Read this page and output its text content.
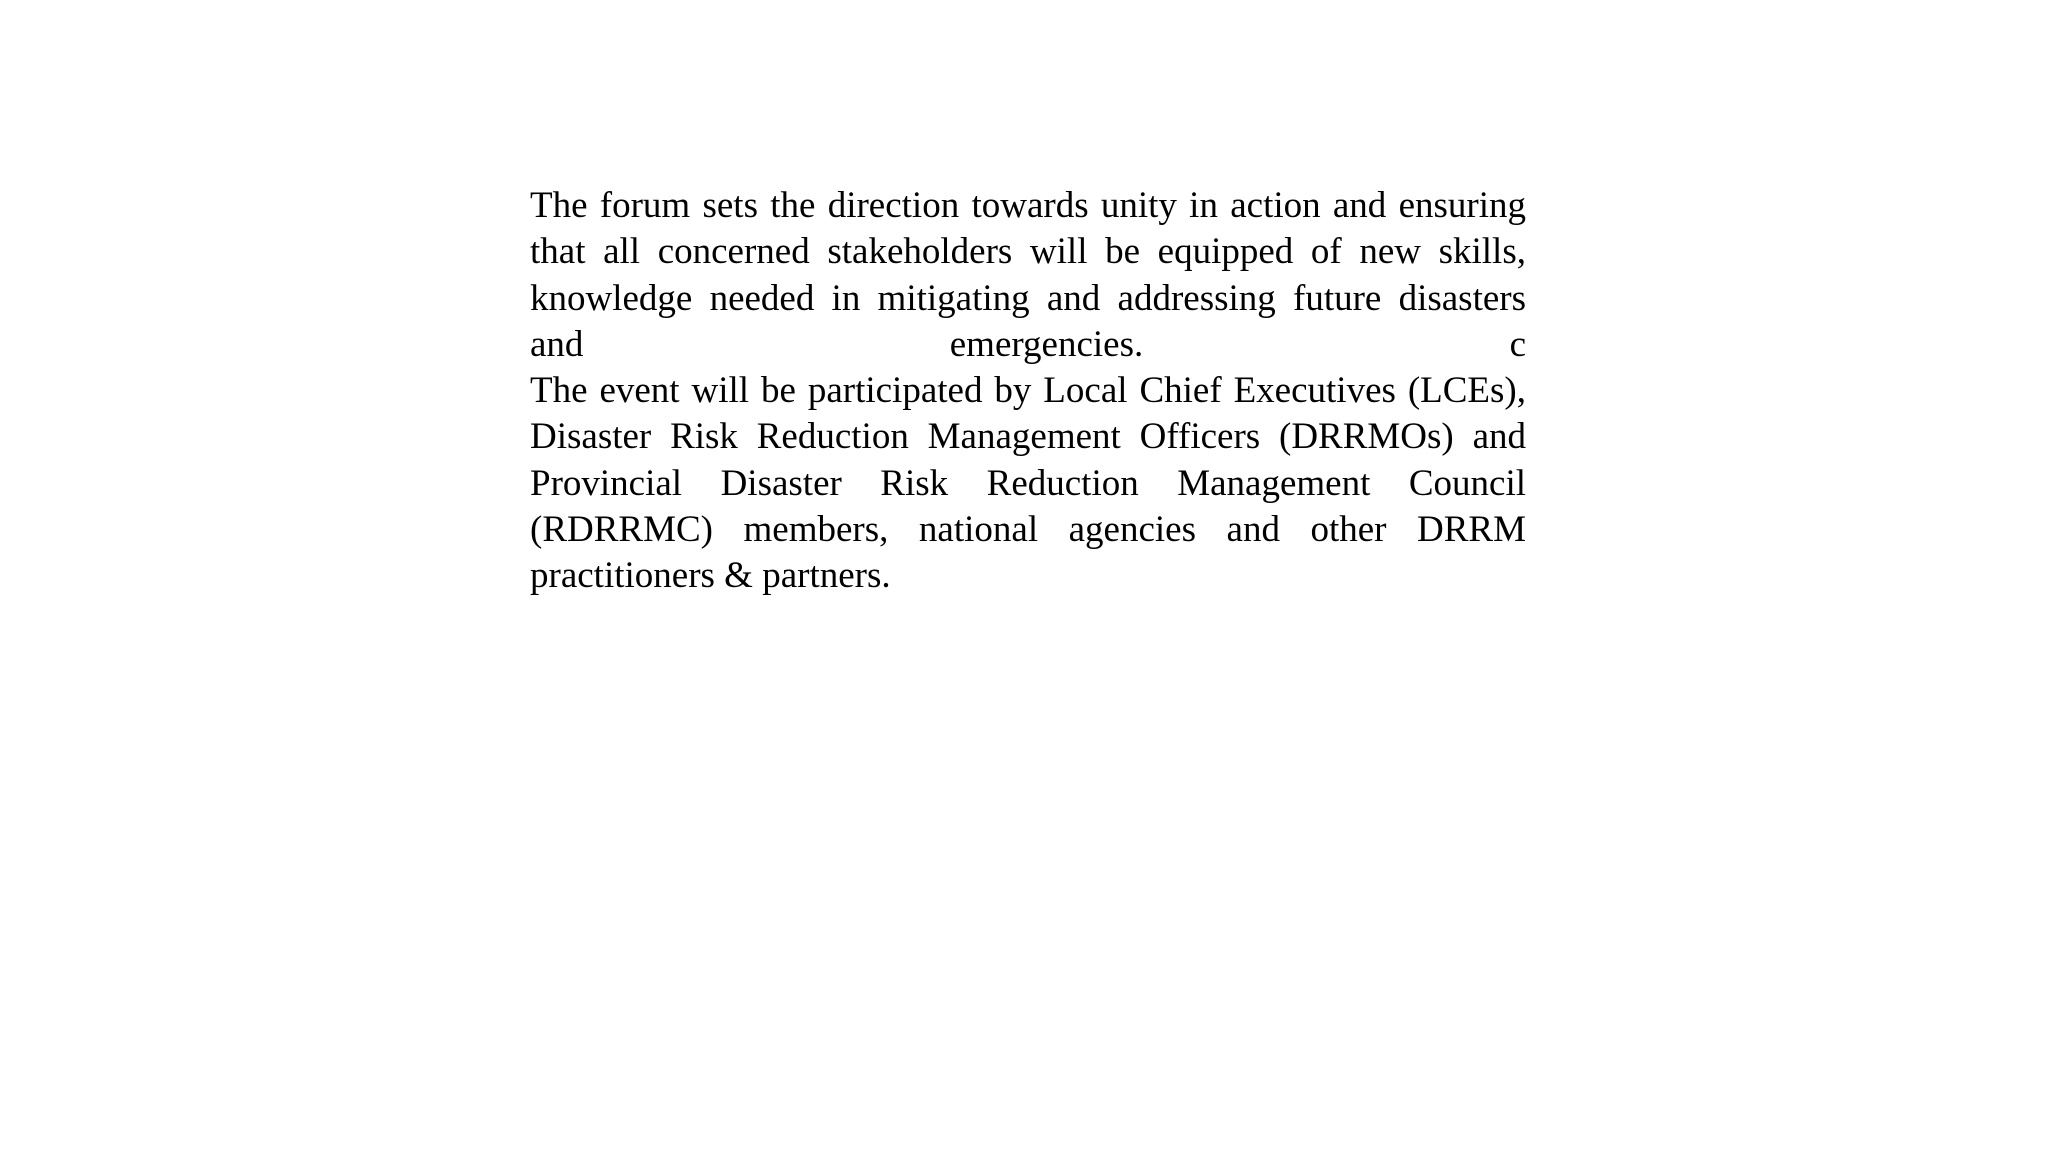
The forum sets the direction towards unity in action and ensuring that all concerned stakeholders will be equipped of new skills, knowledge needed in mitigating and addressing future disasters and emergencies. c

The event will be participated by Local Chief Executives (LCEs), Disaster Risk Reduction Management Officers (DRRMOs) and Provincial Disaster Risk Reduction Management Council (RDRRMC) members, national agencies and other DRRM practitioners & partners.
